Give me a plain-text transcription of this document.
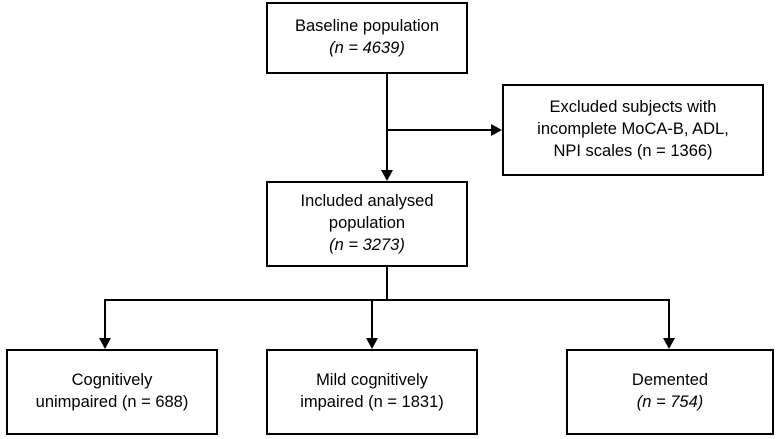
Baseline population
(n = 4639)
Excluded subjects with
incomplete MoCA-B, ADL,
NPI scales (n = 1366)
Included analysed
population
(n = 3273)
Cognitively
unimpaired (n = 688)
Mild cognitively
impaired (n = 1831)
Demented
(n = 754)
